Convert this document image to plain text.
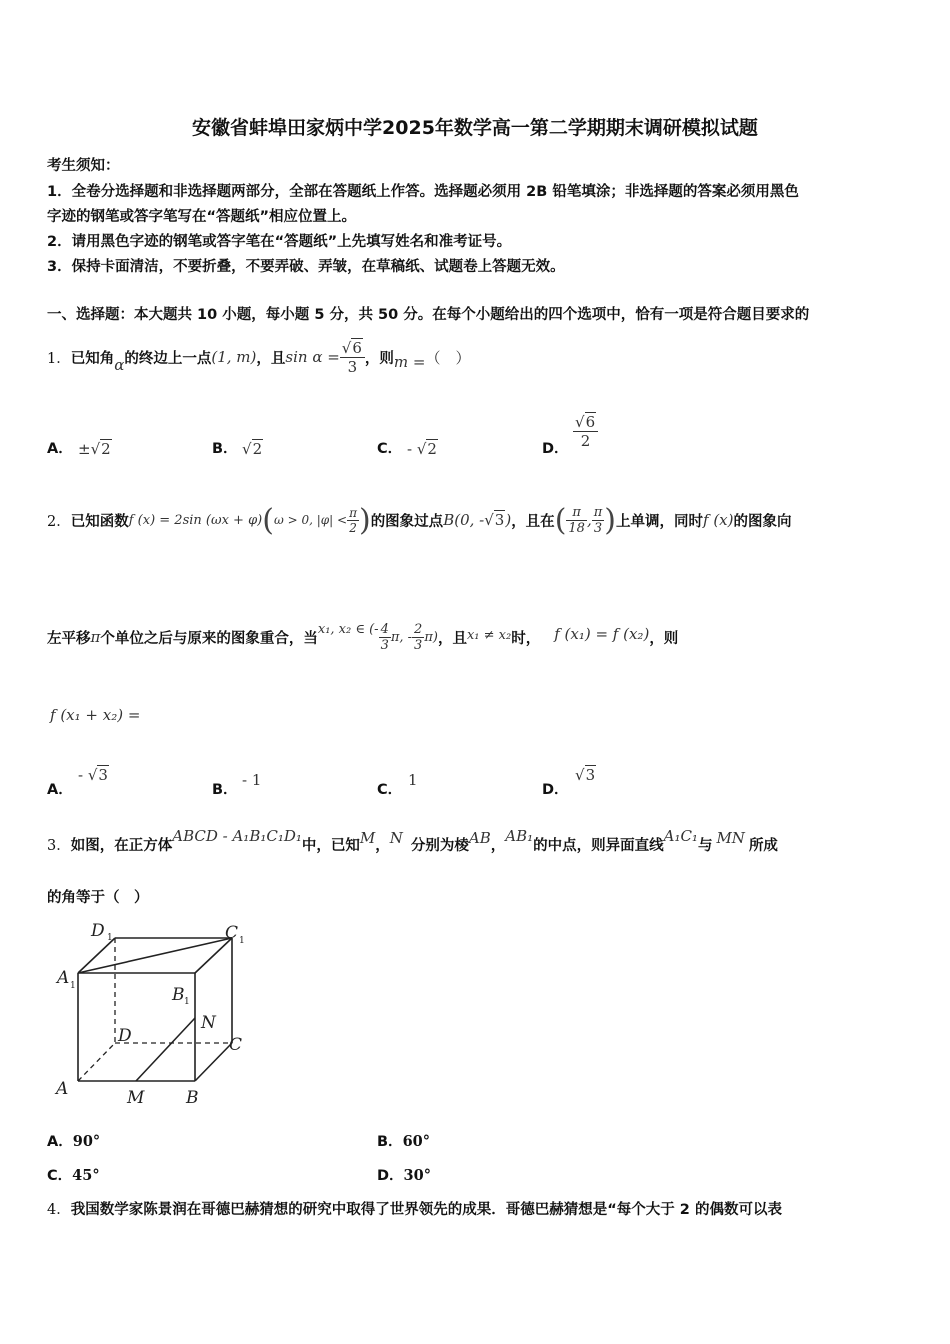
安徽省蚌埠田家炳中学2025年数学高一第二学期期末调研模拟试题
考生须知：
1．全卷分选择题和非选择题两部分，全部在答题纸上作答。选择题必须用 2B 铅笔填涂；非选择题的答案必须用黑色
字迹的钢笔或答字笔写在“答题纸”相应位置上。
2．请用黑色字迹的钢笔或答字笔在“答题纸”上先填写姓名和准考证号。
3．保持卡面清洁，不要折叠，不要弄破、弄皱，在草稿纸、试题卷上答题无效。
一、选择题：本大题共 10 小题，每小题 5 分，共 50 分。在每个小题给出的四个选项中，恰有一项是符合题目要求的
1． 已知角 α 的终边上一点 (1, m) ，且 $\sin \alpha = \frac{√6}{3}$ ，则 m = （　）
A． ±√2	B． √2	C． - √2	D． $\frac{√6}{2}$
2． 已知函数 f (x) = 2sin (ωx + φ) ( ω > 0, $|\varphi| < \frac{\pi}{2}$ ) 的图象过点 B(0, - √3 ) ，且在 ( $\frac{\pi}{18}$ , $\frac{\pi}{3}$ ) 上单调，同时 f (x) 的图象向
左平移 π 个单位之后与原来的图象重合，当
x₁, x₂ ∈ (- $\frac{4}{3} \pi$, - $\frac{2}{3} \pi$) ，且 x₁ ≠ x₂ 时， f (x₁) = f (x₂) ，则
f (x₁ + x₂) =
A．
- √3
B．
- 1
C．
1
D．
√3
3． 如图，在正方体
ABCD - A₁B₁C₁D₁
中，已知 M ， N 分别为棱 AB ，
AB₁
的中点，则异面直线
A₁C₁
与 MN 所成
的角等于（　）
D 1	C 1
A 1	B 1
N
D	C
A	M B
A．90°	B．60°
C．45°	D．30°
4．我国数学家陈景润在哥德巴赫猜想的研究中取得了世界领先的成果．哥德巴赫猜想是“每个大于 2 的偶数可以表
